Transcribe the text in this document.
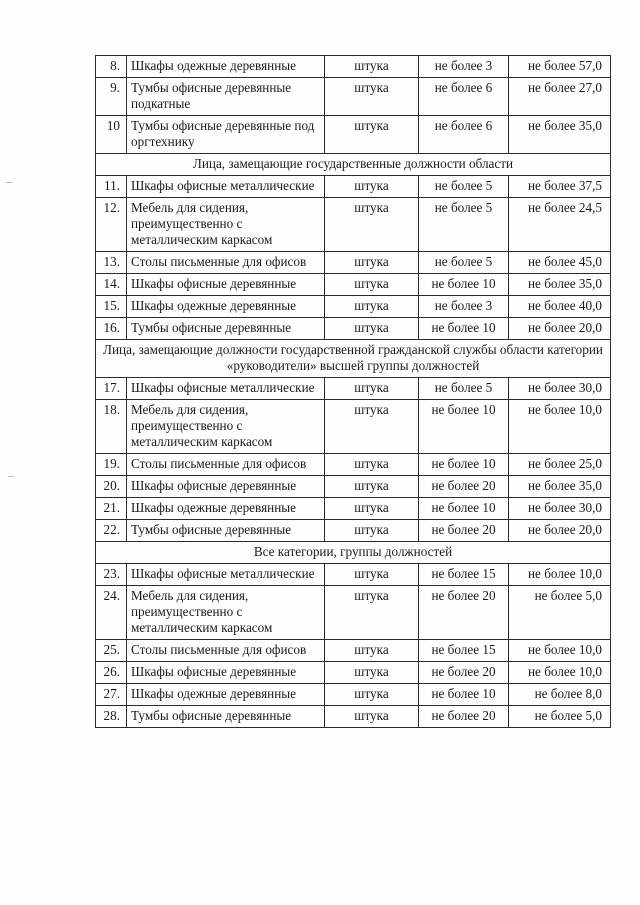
8.	Шкафы одежные деревянные	штука	не более 3	не более 57,0
9.	Тумбы офисные деревянные подкатные	штука	не более 6	не более 27,0
10	Тумбы офисные деревянные под оргтехнику	штука	не более 6	не более 35,0
Лица, замещающие государственные должности области				
11.	Шкафы офисные металлические	штука	не более 5	не более 37,5
12.	Мебель для сидения, преимущественно с металлическим каркасом	штука	не более 5	не более 24,5
13.	Столы письменные для офисов	штука	не более 5	не более 45,0
14.	Шкафы офисные деревянные	штука	не более 10	не более 35,0
15.	Шкафы одежные деревянные	штука	не более 3	не более 40,0
16.	Тумбы офисные деревянные	штука	не более 10	не более 20,0
Лица, замещающие должности государственной гражданской службы области категории «руководители» высшей группы должностей				
17.	Шкафы офисные металлические	штука	не более 5	не более 30,0
18.	Мебель для сидения, преимущественно с металлическим каркасом	штука	не более 10	не более 10,0
19.	Столы письменные для офисов	штука	не более 10	не более 25,0
20.	Шкафы офисные деревянные	штука	не более 20	не более 35,0
21.	Шкафы одежные деревянные	штука	не более 10	не более 30,0
22.	Тумбы офисные деревянные	штука	не более 20	не более 20,0
Все категории, группы должностей				
23.	Шкафы офисные металлические	штука	не более 15	не более 10,0
24.	Мебель для сидения, преимущественно с металлическим каркасом	штука	не более 20	не более 5,0
25.	Столы письменные для офисов	штука	не более 15	не более 10,0
26.	Шкафы офисные деревянные	штука	не более 20	не более 10,0
27.	Шкафы одежные деревянные	штука	не более 10	не более 8,0
28.	Тумбы офисные деревянные	штука	не более 20	не более 5,0
